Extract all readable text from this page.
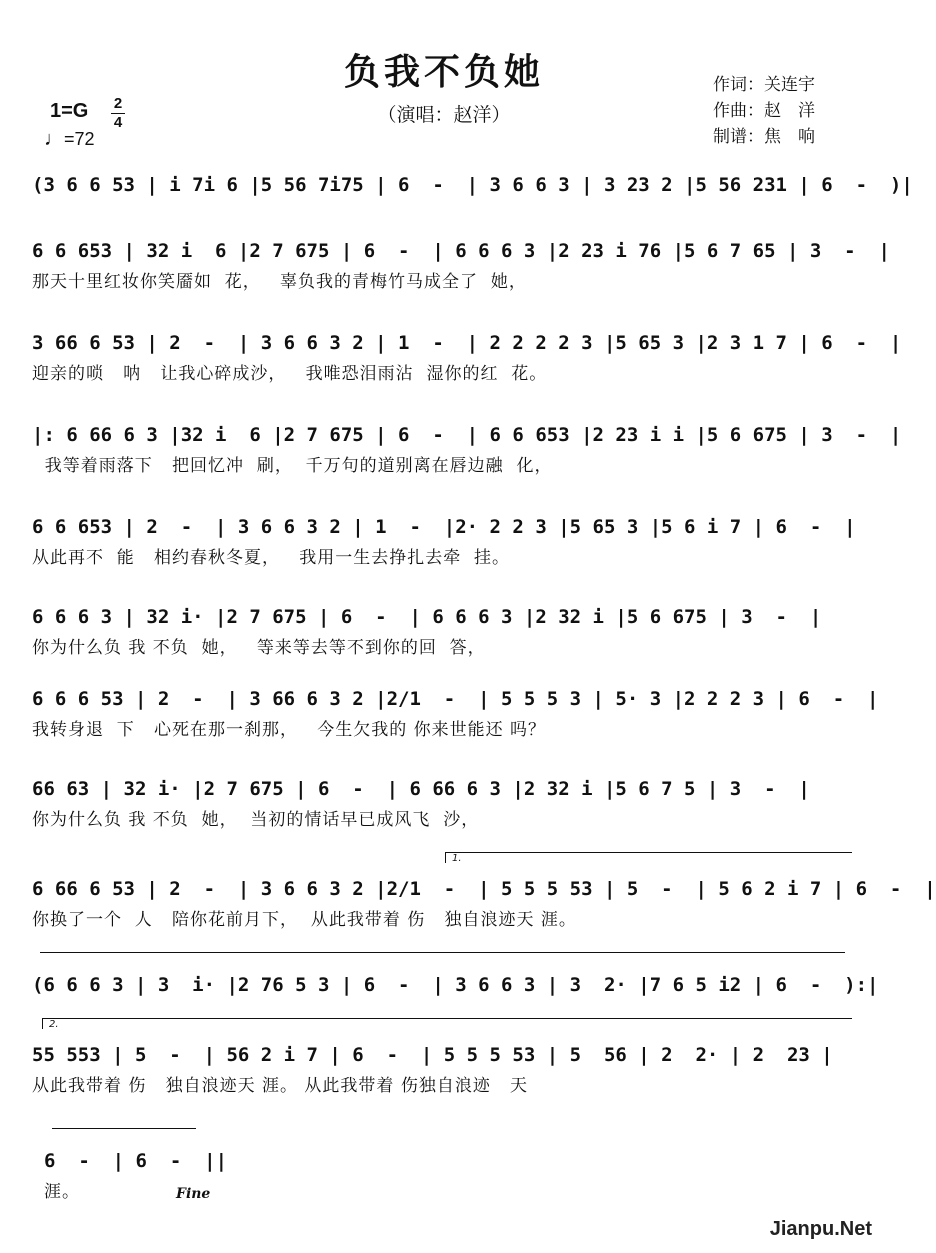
负我不负她
（演唱：赵洋）
作词：关连宇
作曲：赵　洋
制谱：焦　响
1=G 2
4
♩=72
(3 6 6 53 | i 7i 6 |5 56 7i75 | 6  -  | 3 6 6 3 | 3 23 2 |5 56 231 | 6  -  )|
6 6 653 | 32 i  6 |2 7 675 | 6  -  | 6 6 6 3 |2 23 i 76 |5 6 7 65 | 3  -  |
那天十里红妆你笑靥如  花，   辜负我的青梅竹马成全了  她，
3 66 6 53 | 2  -  | 3 6 6 3 2 | 1  -  | 2 2 2 2 3 |5 65 3 |2 3 1 7 | 6  -  |
迎亲的唢   呐   让我心碎成沙，   我唯恐泪雨沾  湿你的红  花。
|: 6 66 6 3 |32 i  6 |2 7 675 | 6  -  | 6 6 653 |2 23 i i |5 6 675 | 3  -  |
我等着雨落下   把回忆冲  刷，  千万句的道别离在唇边融  化，
6 6 653 | 2  -  | 3 6 6 3 2 | 1  -  |2· 2 2 3 |5 65 3 |5 6 i 7 | 6  -  |
从此再不  能   相约春秋冬夏，   我用一生去挣扎去牵  挂。
6 6 6 3 | 32 i· |2 7 675 | 6  -  | 6 6 6 3 |2 32 i |5 6 675 | 3  -  |
你为什么负 我 不负  她，   等来等去等不到你的回  答，
6 6 6 53 | 2  -  | 3 66 6 3 2 |2/1  -  | 5 5 5 3 | 5· 3 |2 2 2 3 | 6  -  |
我转身退  下   心死在那一刹那，   今生欠我的 你来世能还 吗？
66 63 | 32 i· |2 7 675 | 6  -  | 6 66 6 3 |2 32 i |5 6 7 5 | 3  -  |
你为什么负 我 不负  她，  当初的情话早已成风飞  沙，
1.
6 66 6 53 | 2  -  | 3 6 6 3 2 |2/1  -  | 5 5 5 53 | 5  -  | 5 6 2 i 7 | 6  -  |
你换了一个  人   陪你花前月下，  从此我带着 伤   独自浪迹天 涯。
(6 6 6 3 | 3  i· |2 76 5 3 | 6  -  | 3 6 6 3 | 3  2· |7 6 5 i2 | 6  -  ):|
2.
55 553 | 5  -  | 56 2 i 7 | 6  -  | 5 5 5 53 | 5  56 | 2  2· | 2  23 |
从此我带着 伤   独自浪迹天 涯。 从此我带着 伤独自浪迹   天
6  -  | 6  -  ||
涯。	Fine
Jianpu.Net
